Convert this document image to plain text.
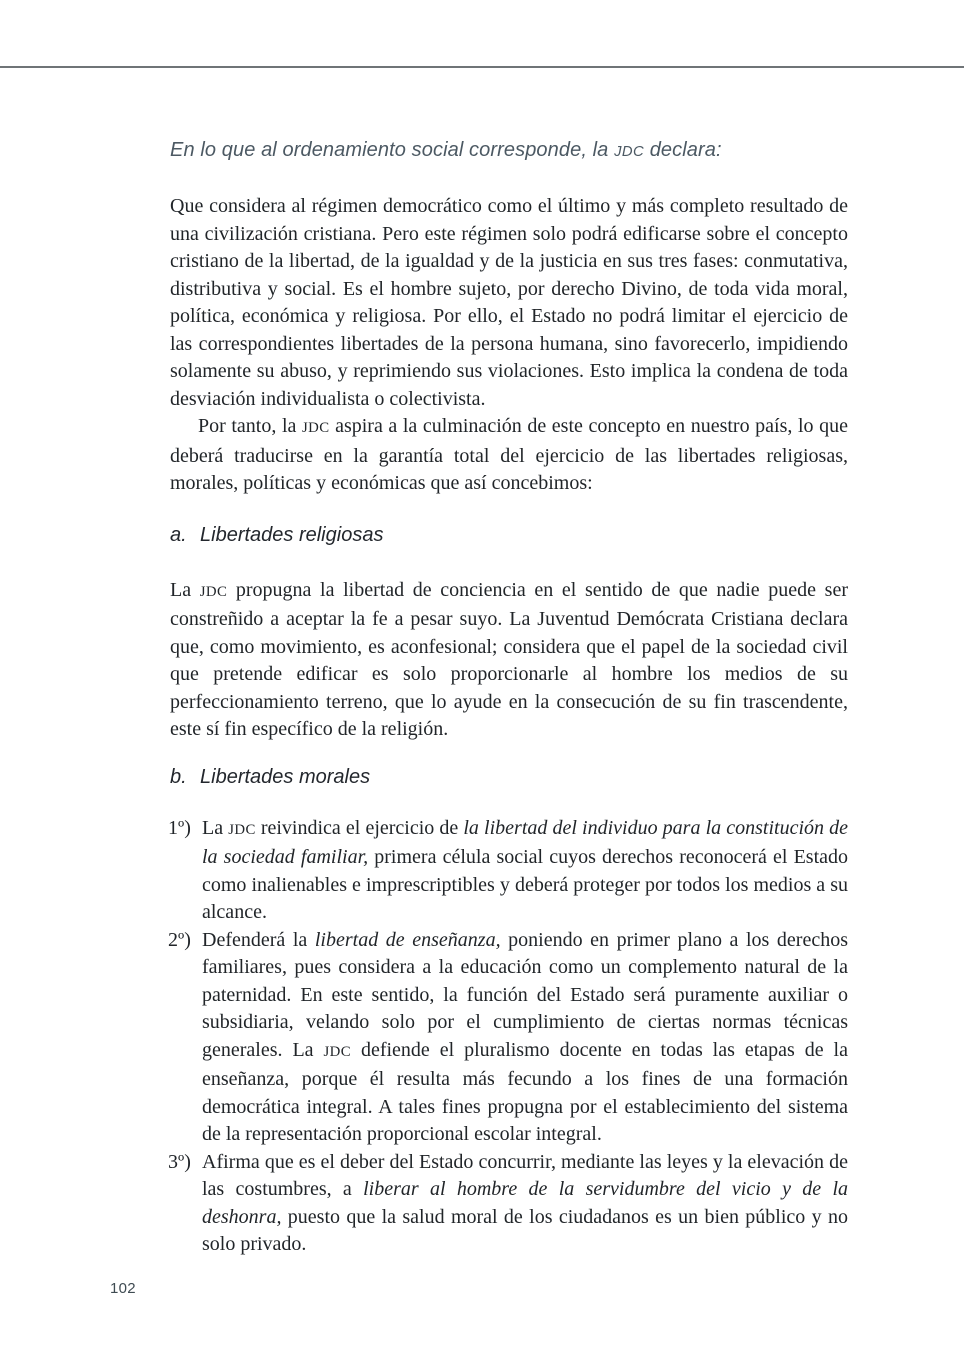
En lo que al ordenamiento social corresponde, la JDC declara:

Que considera al régimen democrático como el último y más completo resultado de una civilización cristiana. Pero este régimen solo podrá edificarse sobre el concepto cristiano de la libertad, de la igualdad y de la justicia en sus tres fases: conmutativa, distributiva y social. Es el hombre sujeto, por derecho Divino, de toda vida moral, política, económica y religiosa. Por ello, el Estado no podrá limitar el ejercicio de las correspondientes libertades de la persona humana, sino favorecerlo, impidiendo solamente su abuso, y reprimiendo sus violaciones. Esto implica la condena de toda desviación individualista o colectivista.

Por tanto, la JDC aspira a la culminación de este concepto en nuestro país, lo que deberá traducirse en la garantía total del ejercicio de las libertades religiosas, morales, políticas y económicas que así concebimos:

a. Libertades religiosas

La JDC propugna la libertad de conciencia en el sentido de que nadie puede ser constreñido a aceptar la fe a pesar suyo. La Juventud Demócrata Cristiana declara que, como movimiento, es aconfesional; considera que el papel de la sociedad civil que pretende edificar es solo proporcionarle al hombre los medios de su perfeccionamiento terreno, que lo ayude en la consecución de su fin trascendente, este sí fin específico de la religión.

b. Libertades morales
1º) La JDC reivindica el ejercicio de la libertad del individuo para la constitución de la sociedad familiar, primera célula social cuyos derechos reconocerá el Estado como inalienables e imprescriptibles y deberá proteger por todos los medios a su alcance.
2º) Defenderá la libertad de enseñanza, poniendo en primer plano a los derechos familiares, pues considera a la educación como un complemento natural de la paternidad. En este sentido, la función del Estado será puramente auxiliar o subsidiaria, velando solo por el cumplimiento de ciertas normas técnicas generales. La JDC defiende el pluralismo docente en todas las etapas de la enseñanza, porque él resulta más fecundo a los fines de una formación democrática integral. A tales fines propugna por el establecimiento del sistema de la representación proporcional escolar integral.
3º) Afirma que es el deber del Estado concurrir, mediante las leyes y la elevación de las costumbres, a liberar al hombre de la servidumbre del vicio y de la deshonra, puesto que la salud moral de los ciudadanos es un bien público y no solo privado.
102
